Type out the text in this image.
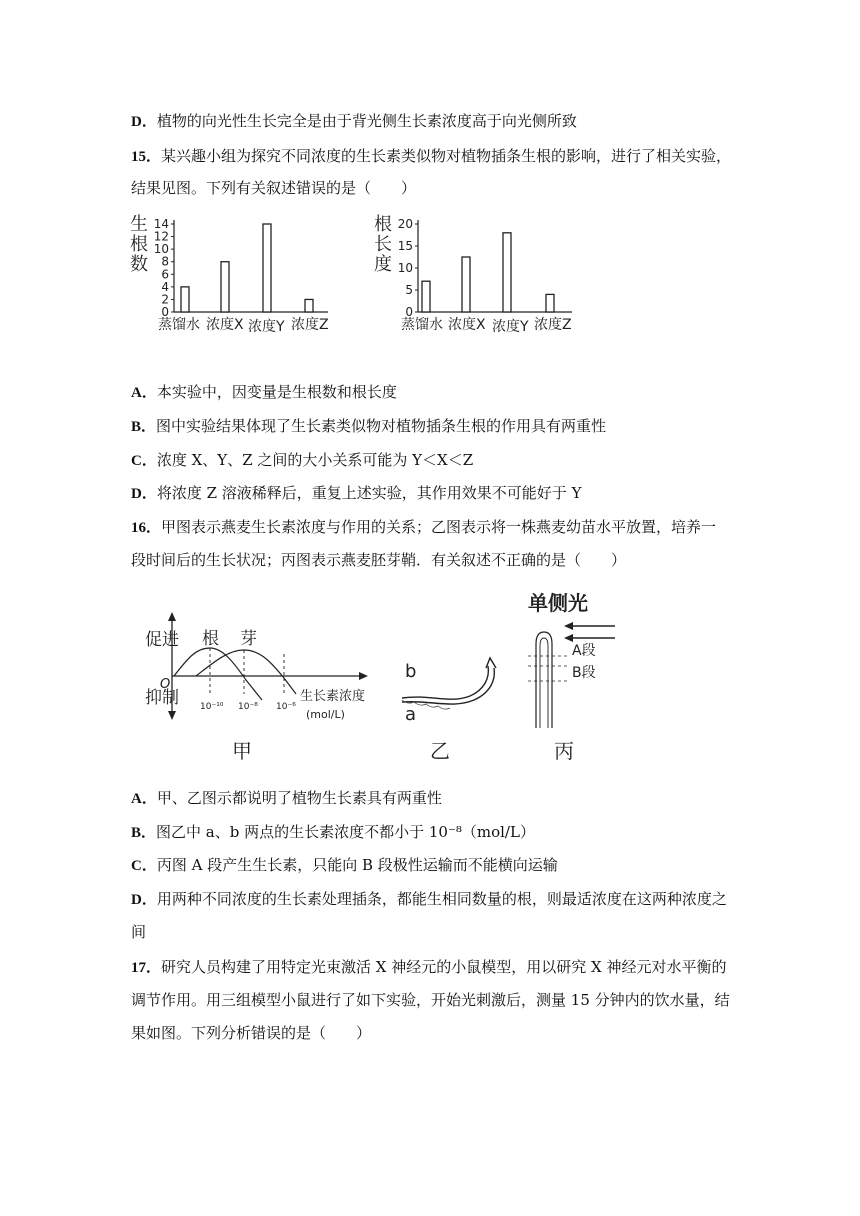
D．植物的向光性生长完全是由于背光侧生长素浓度高于向光侧所致
15．某兴趣小组为探究不同浓度的生长素类似物对植物插条生根的影响，进行了相关实验，
结果见图。下列有关叙述错误的是（　　）
生
根
数
0
2
4
6
8
10
12
14
蒸馏水 浓度X 浓度Y 浓度Z
根
长
度
0
5
10
15
20
蒸馏水 浓度X 浓度Y 浓度Z
A．本实验中，因变量是生根数和根长度
B．图中实验结果体现了生长素类似物对植物插条生根的作用具有两重性
C．浓度 X、Y、Z 之间的大小关系可能为 Y＜X＜Z
D．将浓度 Z 溶液稀释后，重复上述实验，其作用效果不可能好于 Y
16．甲图表示燕麦生长素浓度与作用的关系；乙图表示将一株燕麦幼苗水平放置，培养一
段时间后的生长状况；丙图表示燕麦胚芽鞘．有关叙述不正确的是（　　）
促进
抑制
O
根 芽
10⁻¹⁰ 10⁻⁸ 10⁻⁶
生长素浓度
(mol/L)
甲
b
a
乙
单侧光
A段
B段
丙
A．甲、乙图示都说明了植物生长素具有两重性
B．图乙中 a、b 两点的生长素浓度不都小于 10⁻⁸（mol/L）
C．丙图 A 段产生生长素，只能向 B 段极性运输而不能横向运输
D．用两种不同浓度的生长素处理插条，都能生相同数量的根，则最适浓度在这两种浓度之
间
17．研究人员构建了用特定光束激活 X 神经元的小鼠模型，用以研究 X 神经元对水平衡的
调节作用。用三组模型小鼠进行了如下实验，开始光刺激后，测量 15 分钟内的饮水量，结
果如图。下列分析错误的是（　　）
